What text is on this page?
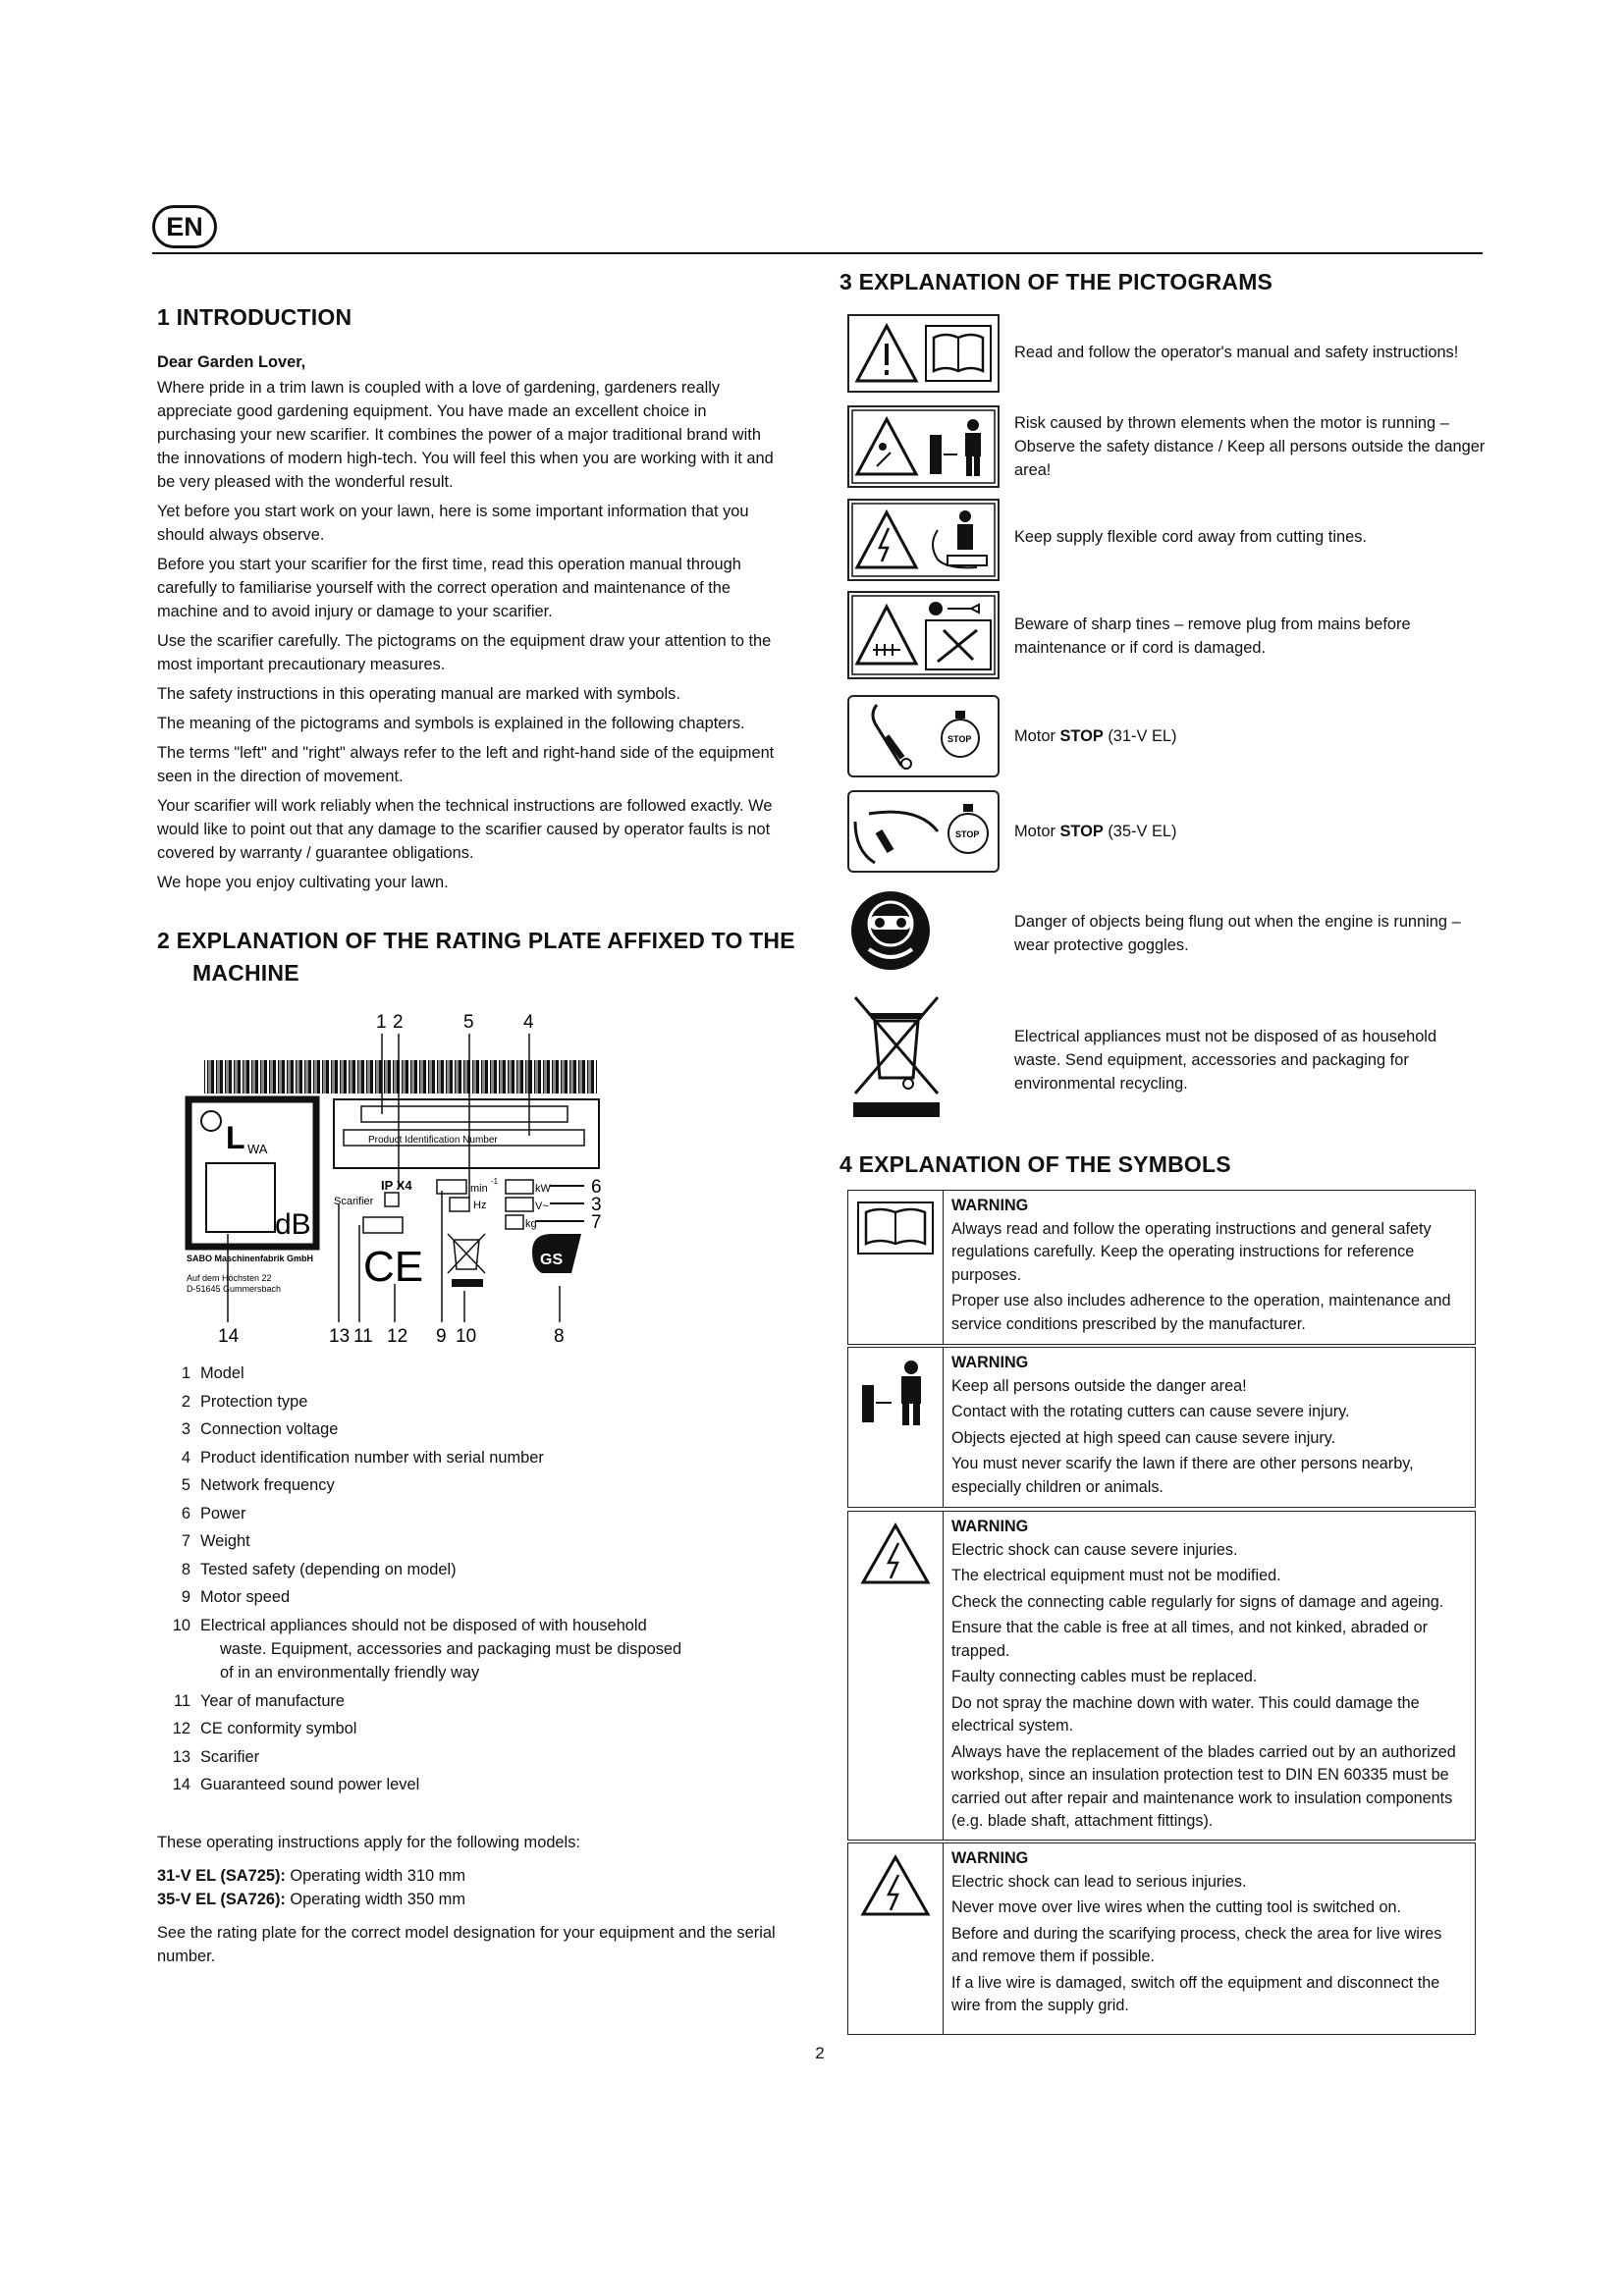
EN
1 INTRODUCTION

Dear Garden Lover,

Where pride in a trim lawn is coupled with a love of gardening, gardeners really appreciate good gardening equipment. You have made an excellent choice in purchasing your new scarifier. It combines the power of a major traditional brand with the innovations of modern high-tech. You will feel this when you are working with it and be very pleased with the wonderful result.

Yet before you start work on your lawn, here is some important information that you should always observe.

Before you start your scarifier for the first time, read this operation manual through carefully to familiarise yourself with the correct operation and maintenance of the machine and to avoid injury or damage to your scarifier.

Use the scarifier carefully. The pictograms on the equipment draw your attention to the most important precautionary measures.

The safety instructions in this operating manual are marked with symbols.

The meaning of the pictograms and symbols is explained in the following chapters.

The terms "left" and "right" always refer to the left and right-hand side of the equipment seen in the direction of movement.

Your scarifier will work reliably when the technical instructions are followed exactly. We would like to point out that any damage to the scarifier caused by operator faults is not covered by warranty / guarantee obligations.

We hope you enjoy cultivating your lawn.

2 EXPLANATION OF THE RATING PLATE AFFIXED TO THE
MACHINE
1 2	5	4
L WA
dB
Product Identification Number
IP X4
Scarifier
min
-1
Hz
kW
V~
kg
6
3
7
CE	GS
SABO Maschinenfabrik GmbH
Auf dem Höchsten 22
D-51645 Gummersbach
14	13 11 12 9 10	8
1 Model
2 Protection type
3 Connection voltage
4 Product identification number with serial number
5 Network frequency
6 Power
7 Weight
8 Tested safety (depending on model)
9 Motor speed
10 Electrical appliances should not be disposed of with household
waste. Equipment, accessories and packaging must be disposed
of in an environmentally friendly way
11 Year of manufacture
12 CE conformity symbol
13 Scarifier
14 Guaranteed sound power level

These operating instructions apply for the following models:

31-V EL (SA725): Operating width 310 mm

35-V EL (SA726): Operating width 350 mm

See the rating plate for the correct model designation for your equipment and the serial number.

3 EXPLANATION OF THE PICTOGRAMS
Read and follow the operator's manual and safety instructions!
Risk caused by thrown elements when the motor is running – Observe the safety distance / Keep all persons outside the danger area!
Keep supply flexible cord away from cutting tines.
Beware of sharp tines – remove plug from mains before maintenance or if cord is damaged.
STOP	Motor STOP (31-V EL)
STOP Motor STOP (35-V EL)
Danger of objects being flung out when the engine is running – wear protective goggles.
Electrical appliances must not be disposed of as household waste. Send equipment, accessories and packaging for environmental recycling.
4 EXPLANATION OF THE SYMBOLS
WARNING
Always read and follow the operating instructions and general safety regulations carefully. Keep the operating instructions for reference purposes.
Proper use also includes adherence to the operation, maintenance and service conditions prescribed by the manufacturer.
WARNING
Keep all persons outside the danger area!
Contact with the rotating cutters can cause severe injury.
Objects ejected at high speed can cause severe injury.
You must never scarify the lawn if there are other persons nearby, especially children or animals.
WARNING
Electric shock can cause severe injuries.
The electrical equipment must not be modified.
Check the connecting cable regularly for signs of damage and ageing.
Ensure that the cable is free at all times, and not kinked, abraded or trapped.
Faulty connecting cables must be replaced.
Do not spray the machine down with water. This could damage the electrical system.
Always have the replacement of the blades carried out by an authorized workshop, since an insulation protection test to DIN EN 60335 must be carried out after repair and maintenance work to insulation components (e.g. blade shaft, attachment fittings).
WARNING
Electric shock can lead to serious injuries.
Never move over live wires when the cutting tool is switched on.
Before and during the scarifying process, check the area for live wires and remove them if possible.
If a live wire is damaged, switch off the equipment and disconnect the wire from the supply grid.
2
